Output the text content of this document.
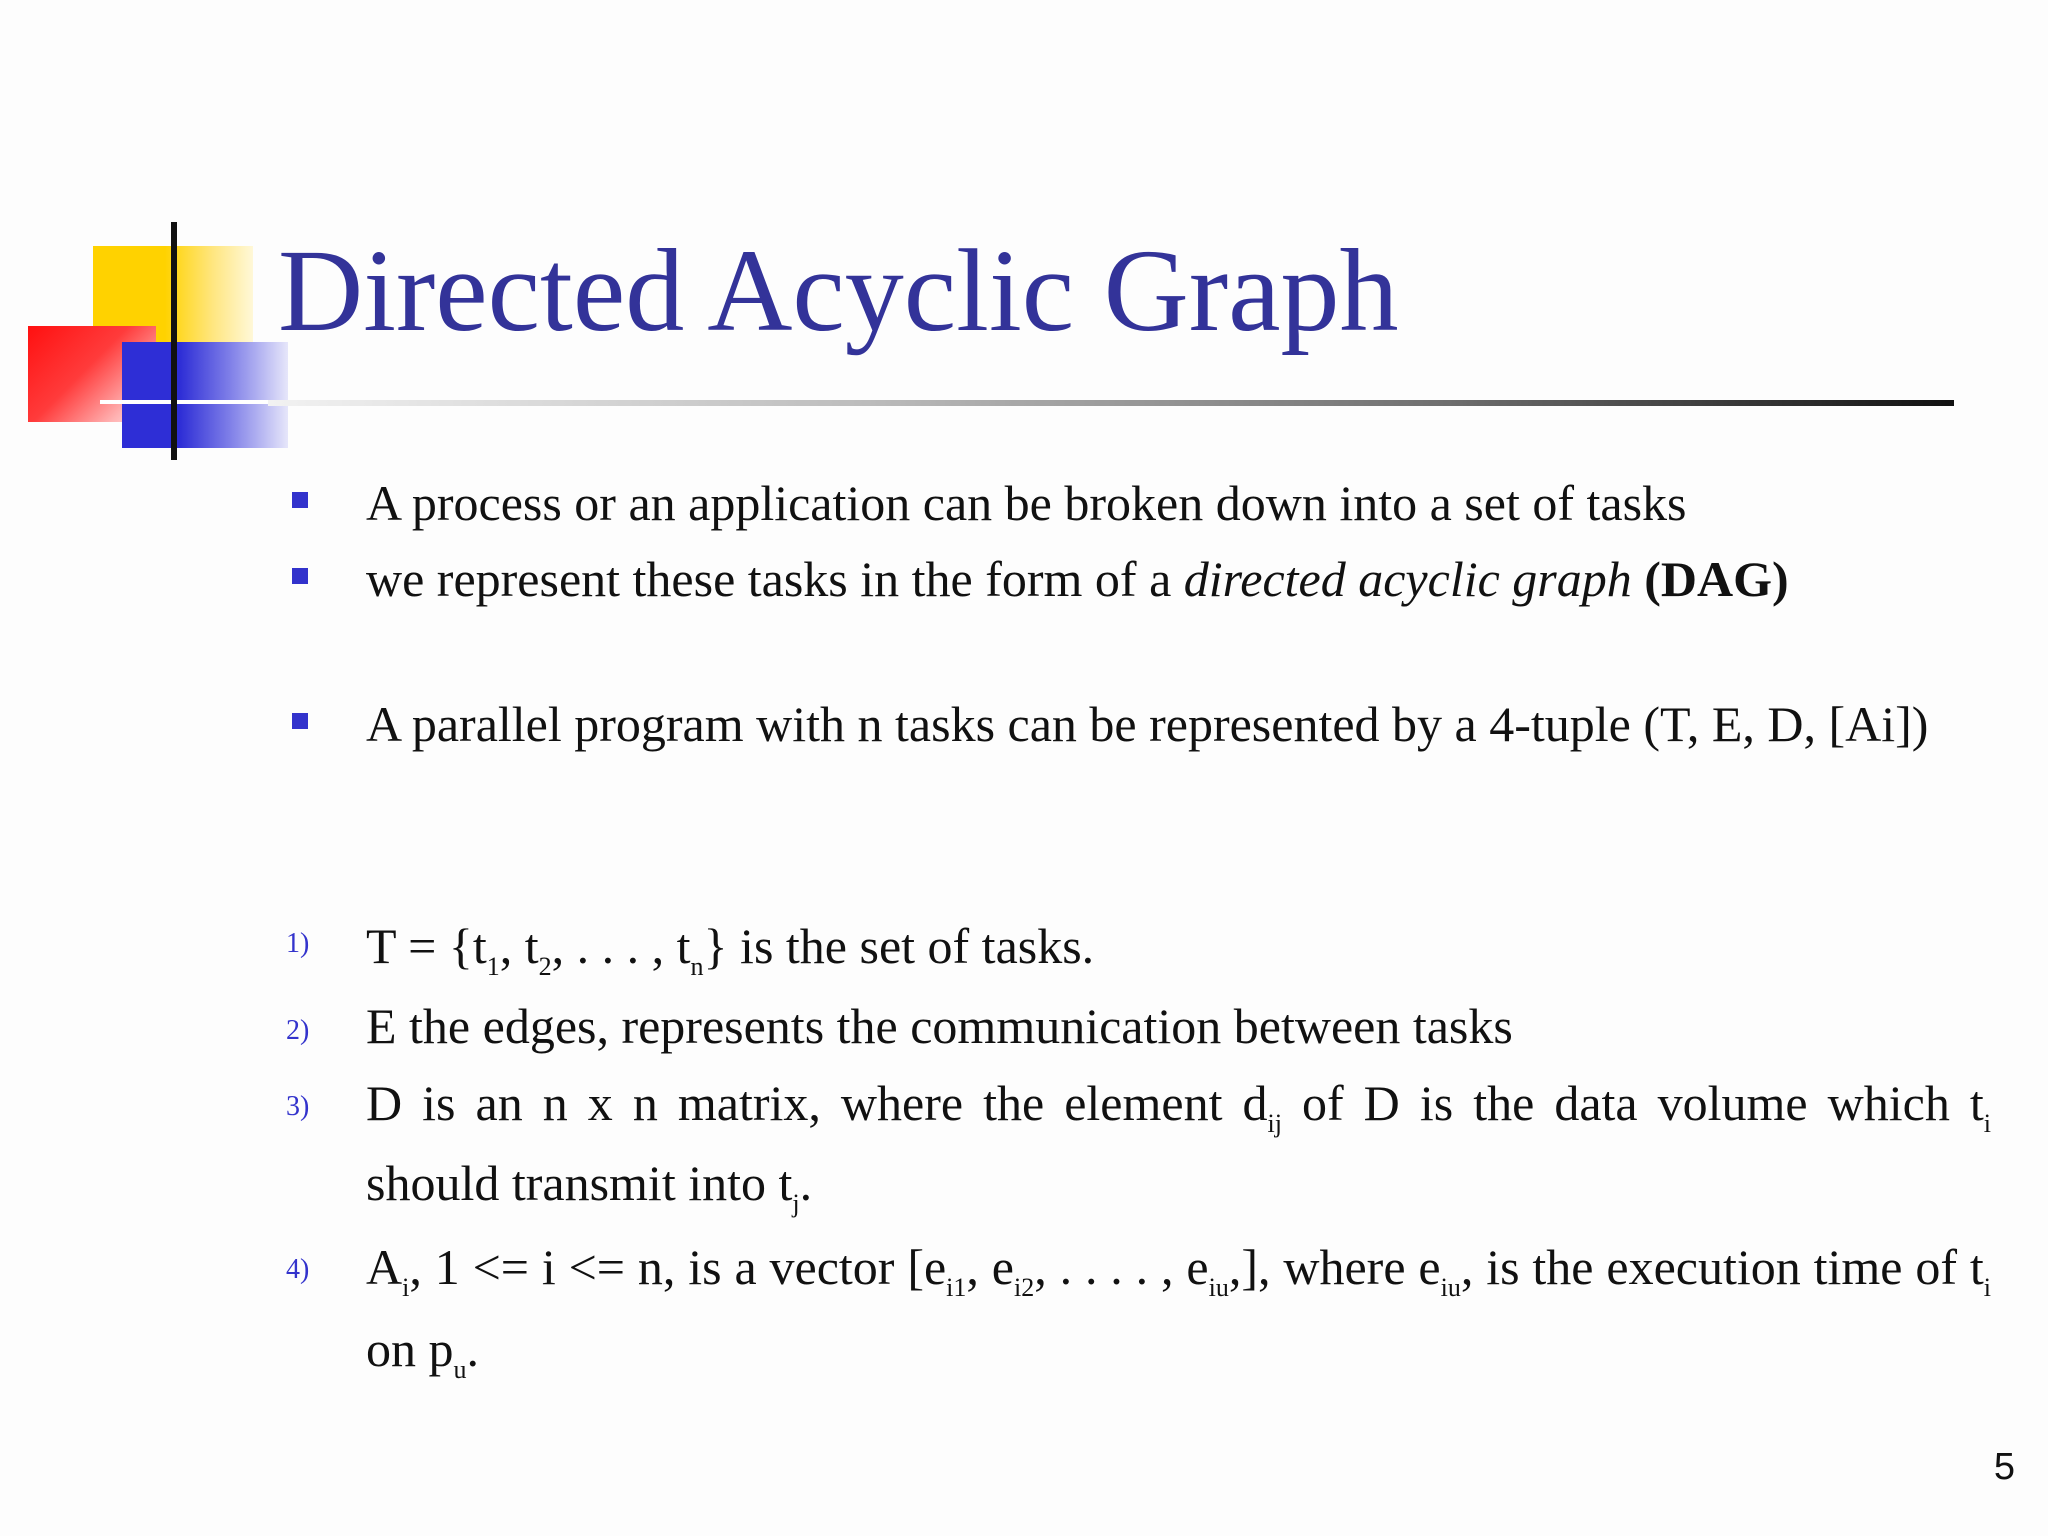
Directed Acyclic Graph
A process or an application can be broken down into a set of tasks
we represent these tasks in the form of a directed acyclic graph (DAG)
A parallel program with n tasks can be represented by a 4-tuple (T, E, D, [Ai])
1) $T = \{t_1$, $t_2$, . . . , $t_n$} is the set of tasks.
2) E the edges, represents the communication between tasks
3) D is an n x n matrix, where the element $d_{ij}$ of D is the data volume which $t_i$ should transmit into $t_j$.
4) $A_i$, 1 <= i <= n, is a vector [$e_{i1}$, $e_{i2}$, . . . . , $e_{iu}$,], where $e_{iu}$, is the execution time of $t_i$ on $p_u$.
5
